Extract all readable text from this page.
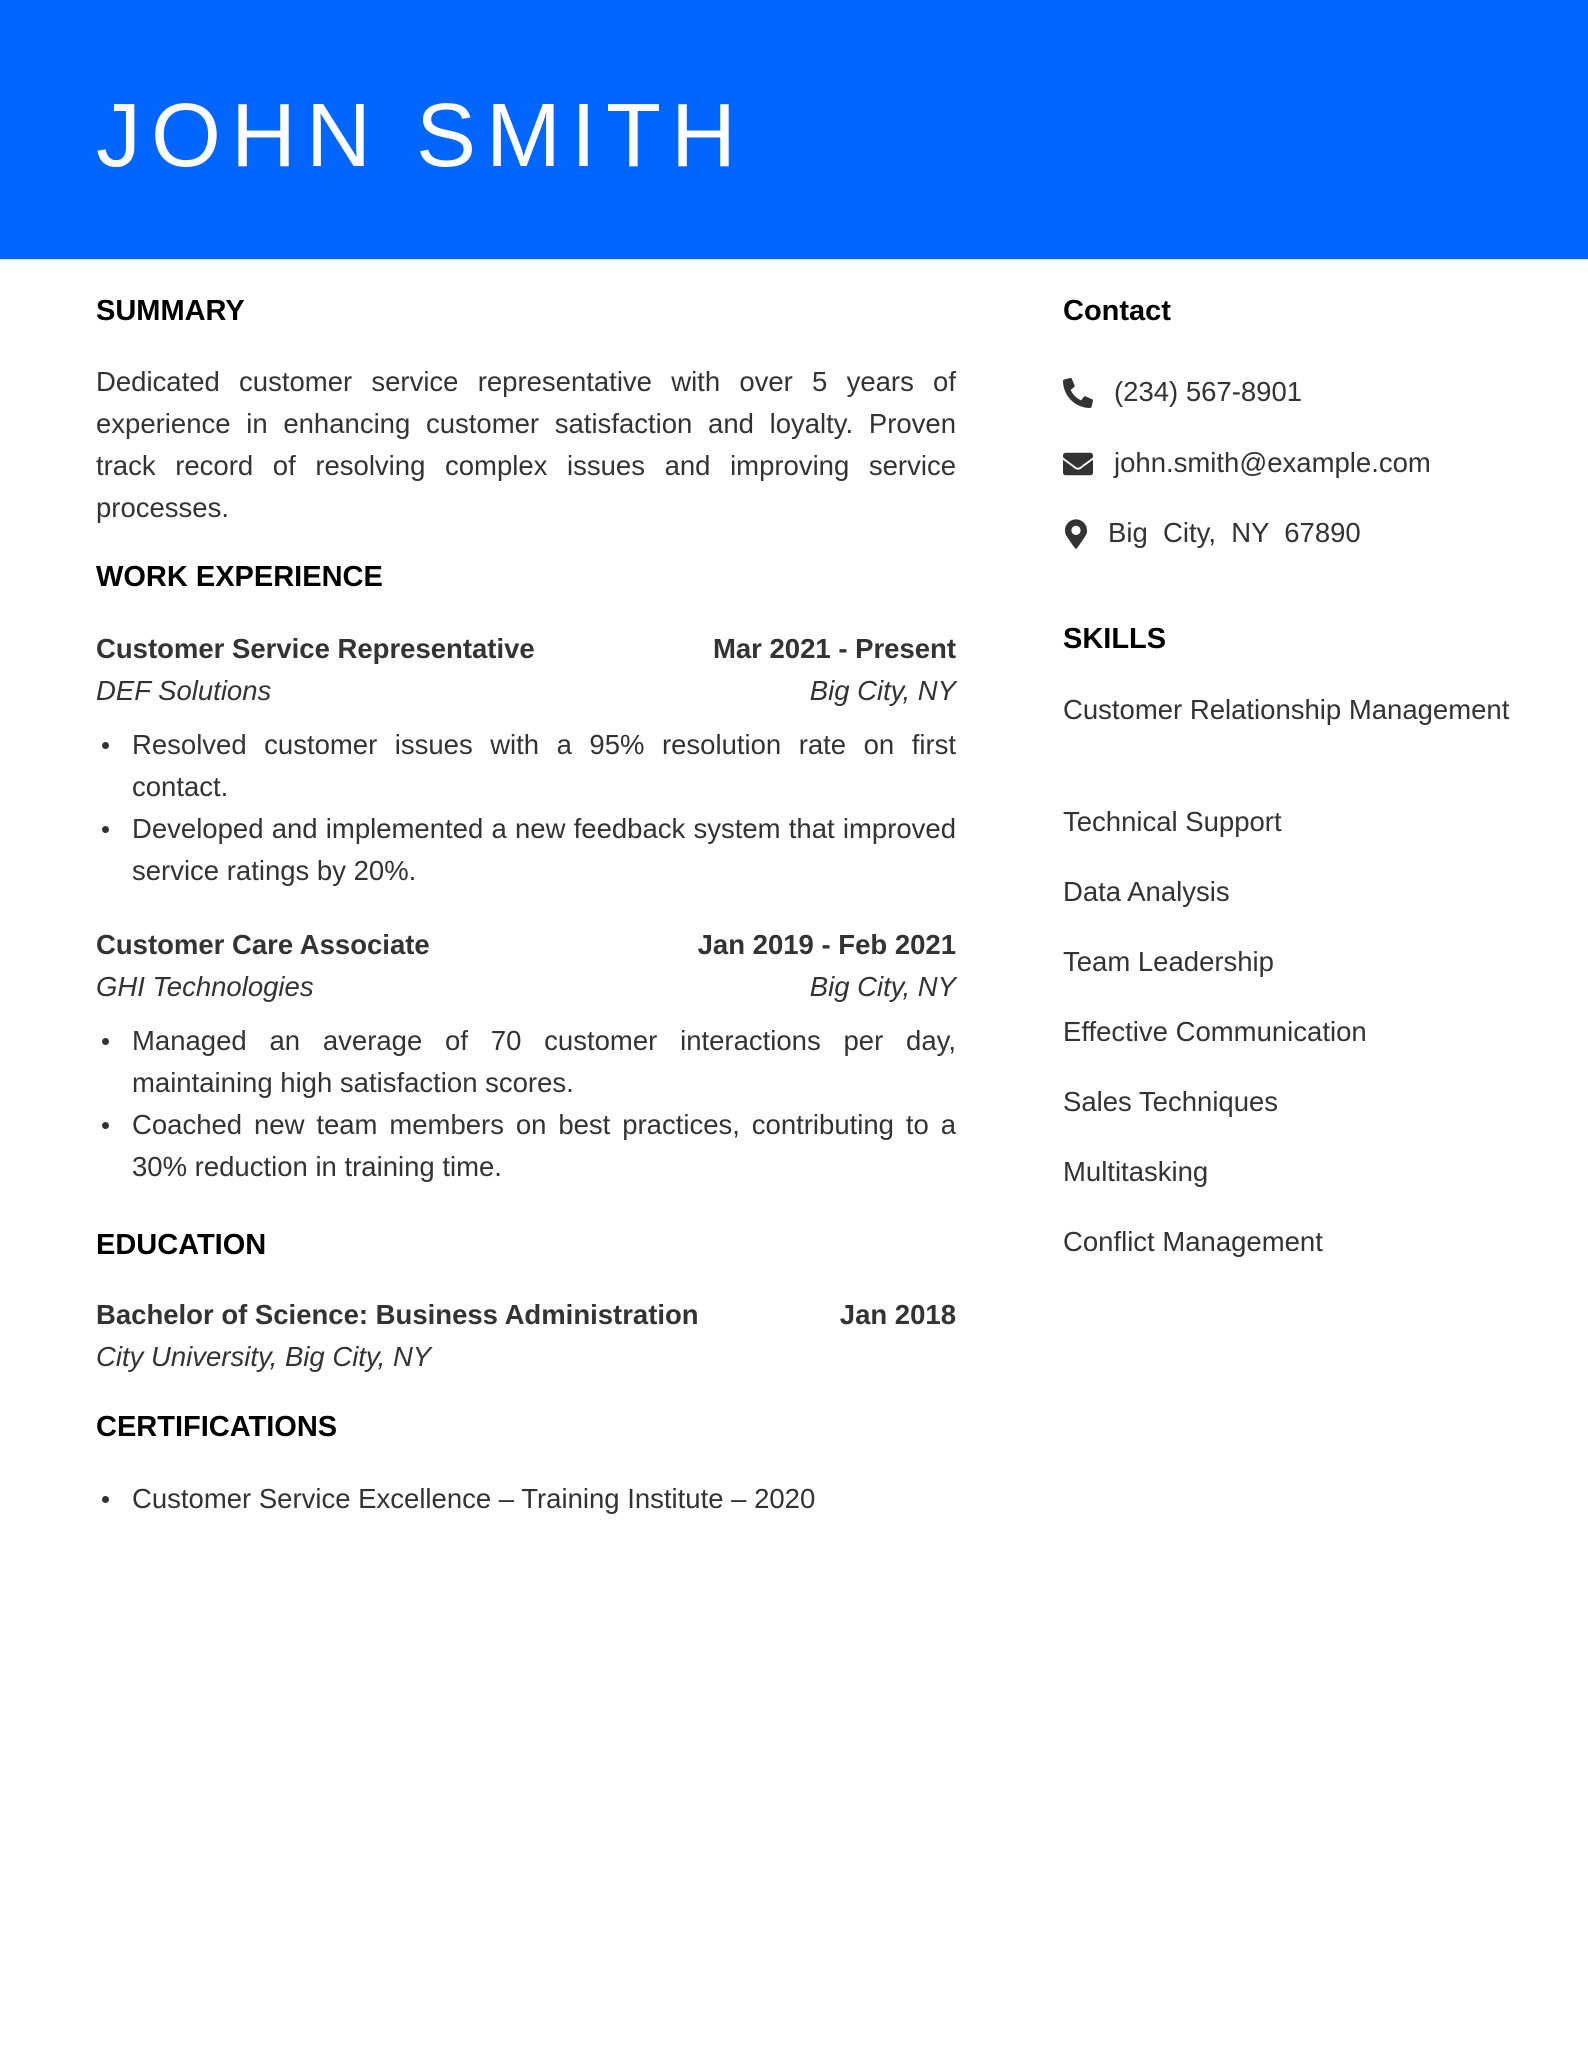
JOHN SMITH
SUMMARY
Dedicated customer service representative with over 5 years of experience in enhancing customer satisfaction and loyalty. Proven track record of resolving complex issues and improving service processes.
WORK EXPERIENCE
Customer Service Representative	Mar 2021 - Present
DEF Solutions	Big City, NY
Resolved customer issues with a 95% resolution rate on first contact.
Developed and implemented a new feedback system that improved service ratings by 20%.
Customer Care Associate	Jan 2019 - Feb 2021
GHI Technologies	Big City, NY
Managed an average of 70 customer interactions per day, maintaining high satisfaction scores.
Coached new team members on best practices, contributing to a 30% reduction in training time.
EDUCATION
Bachelor of Science: Business Administration	Jan 2018
City University, Big City, NY
CERTIFICATIONS
Customer Service Excellence – Training Institute – 2020
Contact
(234) 567-8901
john.smith@example.com
Big  City,  NY  67890
SKILLS
Customer Relationship Management
Technical Support
Data Analysis
Team Leadership
Effective Communication
Sales Techniques
Multitasking
Conflict Management
